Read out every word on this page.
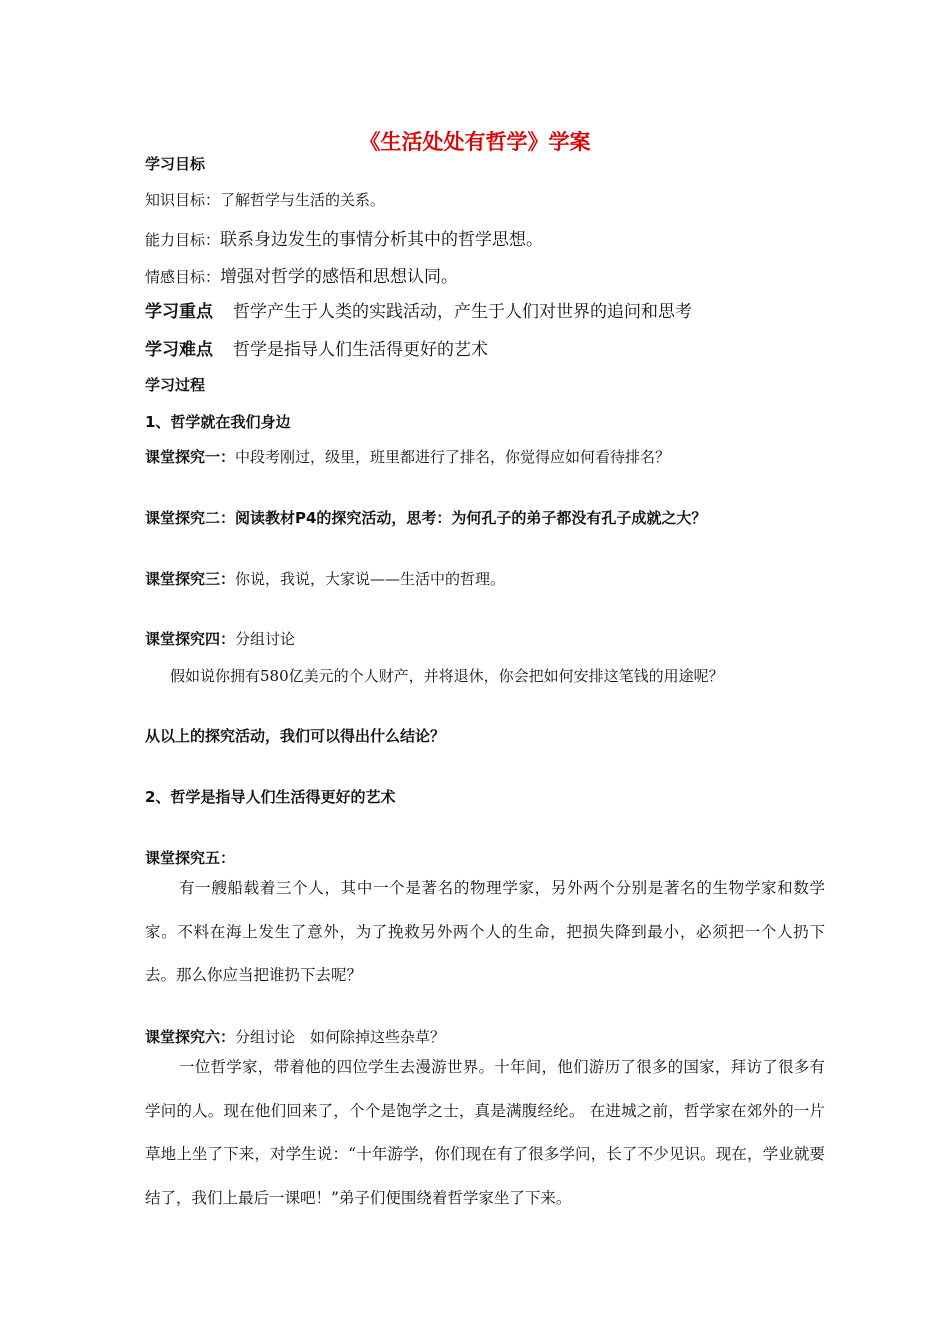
《生活处处有哲学》学案
学习目标
知识目标：了解哲学与生活的关系。
能力目标：联系身边发生的事情分析其中的哲学思想。
情感目标：增强对哲学的感悟和思想认同。
学习重点 哲学产生于人类的实践活动，产生于人们对世界的追问和思考
学习难点 哲学是指导人们生活得更好的艺术
学习过程
1、哲学就在我们身边
课堂探究一：中段考刚过，级里，班里都进行了排名，你觉得应如何看待排名？
课堂探究二：阅读教材P4的探究活动，思考：为何孔子的弟子都没有孔子成就之大？
课堂探究三：你说，我说，大家说——生活中的哲理。
课堂探究四：分组讨论
假如说你拥有580亿美元的个人财产，并将退休，你会把如何安排这笔钱的用途呢？
从以上的探究活动，我们可以得出什么结论？
2、哲学是指导人们生活得更好的艺术
课堂探究五：
有一艘船载着三个人，其中一个是著名的物理学家，另外两个分别是著名的生物学家和数学家。不料在海上发生了意外，为了挽救另外两个人的生命，把损失降到最小，必须把一个人扔下去。那么你应当把谁扔下去呢？
课堂探究六：分组讨论　如何除掉这些杂草？
一位哲学家，带着他的四位学生去漫游世界。十年间，他们游历了很多的国家，拜访了很多有学问的人。现在他们回来了，个个是饱学之士，真是满腹经纶。 在进城之前，哲学家在郊外的一片草地上坐了下来，对学生说：“十年游学，你们现在有了很多学问，长了不少见识。现在，学业就要结了，我们上最后一课吧！”弟子们便围绕着哲学家坐了下来。
